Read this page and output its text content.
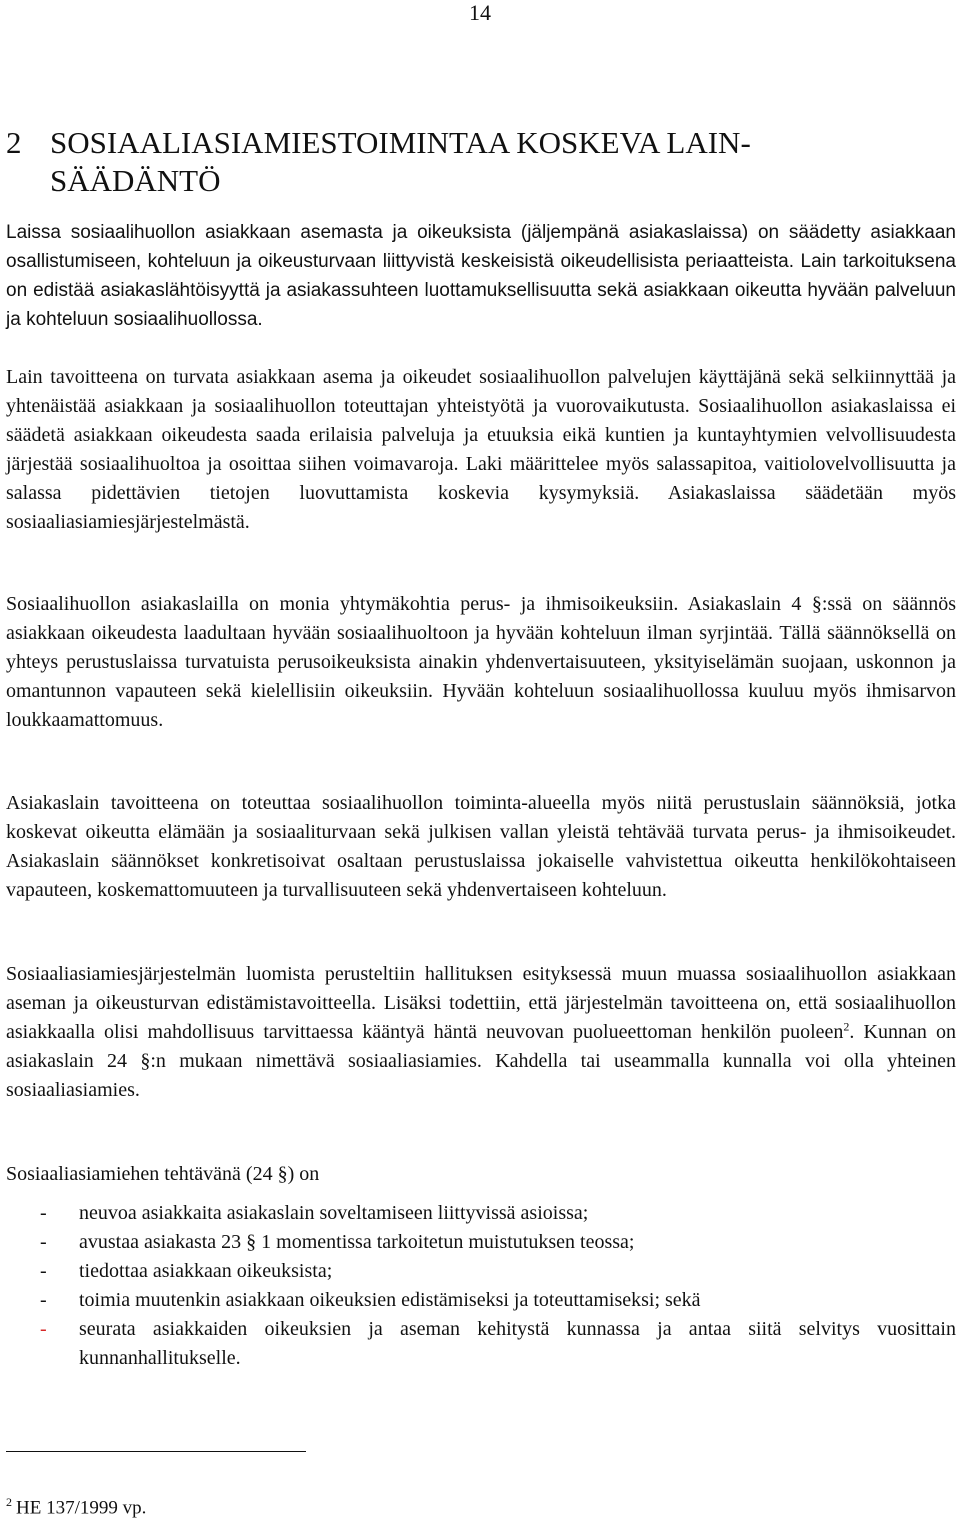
14
2 SOSIAALIASIAMIESTOIMINTAA KOSKEVA LAIN-
SÄÄDÄNTÖ

Laissa sosiaalihuollon asiakkaan asemasta ja oikeuksista (jäljempänä asiakaslaissa) on säädetty asiakkaan osallistumiseen, kohteluun ja oikeusturvaan liittyvistä keskeisistä oikeudellisista periaatteista. Lain tarkoituksena on edistää asiakaslähtöisyyttä ja asiakassuhteen luottamuksellisuutta sekä asiakkaan oikeutta hyvään palveluun ja kohteluun sosiaalihuollossa.

Lain tavoitteena on turvata asiakkaan asema ja oikeudet sosiaalihuollon palvelujen käyttäjänä sekä selkiinnyttää ja yhtenäistää asiakkaan ja sosiaalihuollon toteuttajan yhteistyötä ja vuorovaikutusta. Sosiaalihuollon asiakaslaissa ei säädetä asiakkaan oikeudesta saada erilaisia palveluja ja etuuksia eikä kuntien ja kuntayhtymien velvollisuudesta järjestää sosiaalihuoltoa ja osoittaa siihen voimavaroja. Laki määrittelee myös salassapitoa, vaitiolovelvollisuutta ja salassa pidettävien tietojen luovuttamista koskevia kysymyksiä. Asiakaslaissa säädetään myös sosiaaliasiamiesjärjestelmästä.

Sosiaalihuollon asiakaslailla on monia yhtymäkohtia perus- ja ihmisoikeuksiin. Asiakaslain 4 §:ssä on säännös asiakkaan oikeudesta laadultaan hyvään sosiaalihuoltoon ja hyvään kohteluun ilman syrjintää. Tällä säännöksellä on yhteys perustuslaissa turvatuista perusoikeuksista ainakin yhdenvertaisuuteen, yksityiselämän suojaan, uskonnon ja omantunnon vapauteen sekä kielellisiin oikeuksiin. Hyvään kohteluun sosiaalihuollossa kuuluu myös ihmisarvon loukkaamattomuus.

Asiakaslain tavoitteena on toteuttaa sosiaalihuollon toiminta-alueella myös niitä perustuslain säännöksiä, jotka koskevat oikeutta elämään ja sosiaaliturvaan sekä julkisen vallan yleistä tehtävää turvata perus- ja ihmisoikeudet. Asiakaslain säännökset konkretisoivat osaltaan perustuslaissa jokaiselle vahvistettua oikeutta henkilökohtaiseen vapauteen, koskemattomuuteen ja turvallisuuteen sekä yhdenvertaiseen kohteluun.

Sosiaaliasiamiesjärjestelmän luomista perusteltiin hallituksen esityksessä muun muassa sosiaalihuollon asiakkaan aseman ja oikeusturvan edistämistavoitteella. Lisäksi todettiin, että järjestelmän tavoitteena on, että sosiaalihuollon asiakkaalla olisi mahdollisuus tarvittaessa kääntyä häntä neuvovan puolueettoman henkilön puoleen$^2$. Kunnan on asiakaslain 24 §:n mukaan nimettävä sosiaaliasiamies. Kahdella tai useammalla kunnalla voi olla yhteinen sosiaaliasiamies.

Sosiaaliasiamiehen tehtävänä (24 §) on

- neuvoa asiakkaita asiakaslain soveltamiseen liittyvissä asioissa;
- avustaa asiakasta 23 § 1 momentissa tarkoitetun muistutuksen teossa;
- tiedottaa asiakkaan oikeuksista;
- toimia muutenkin asiakkaan oikeuksien edistämiseksi ja toteuttamiseksi; sekä
- seurata asiakkaiden oikeuksien ja aseman kehitystä kunnassa ja antaa siitä selvitys vuosittain kunnanhallitukselle.
$^2$ HE 137/1999 vp.
